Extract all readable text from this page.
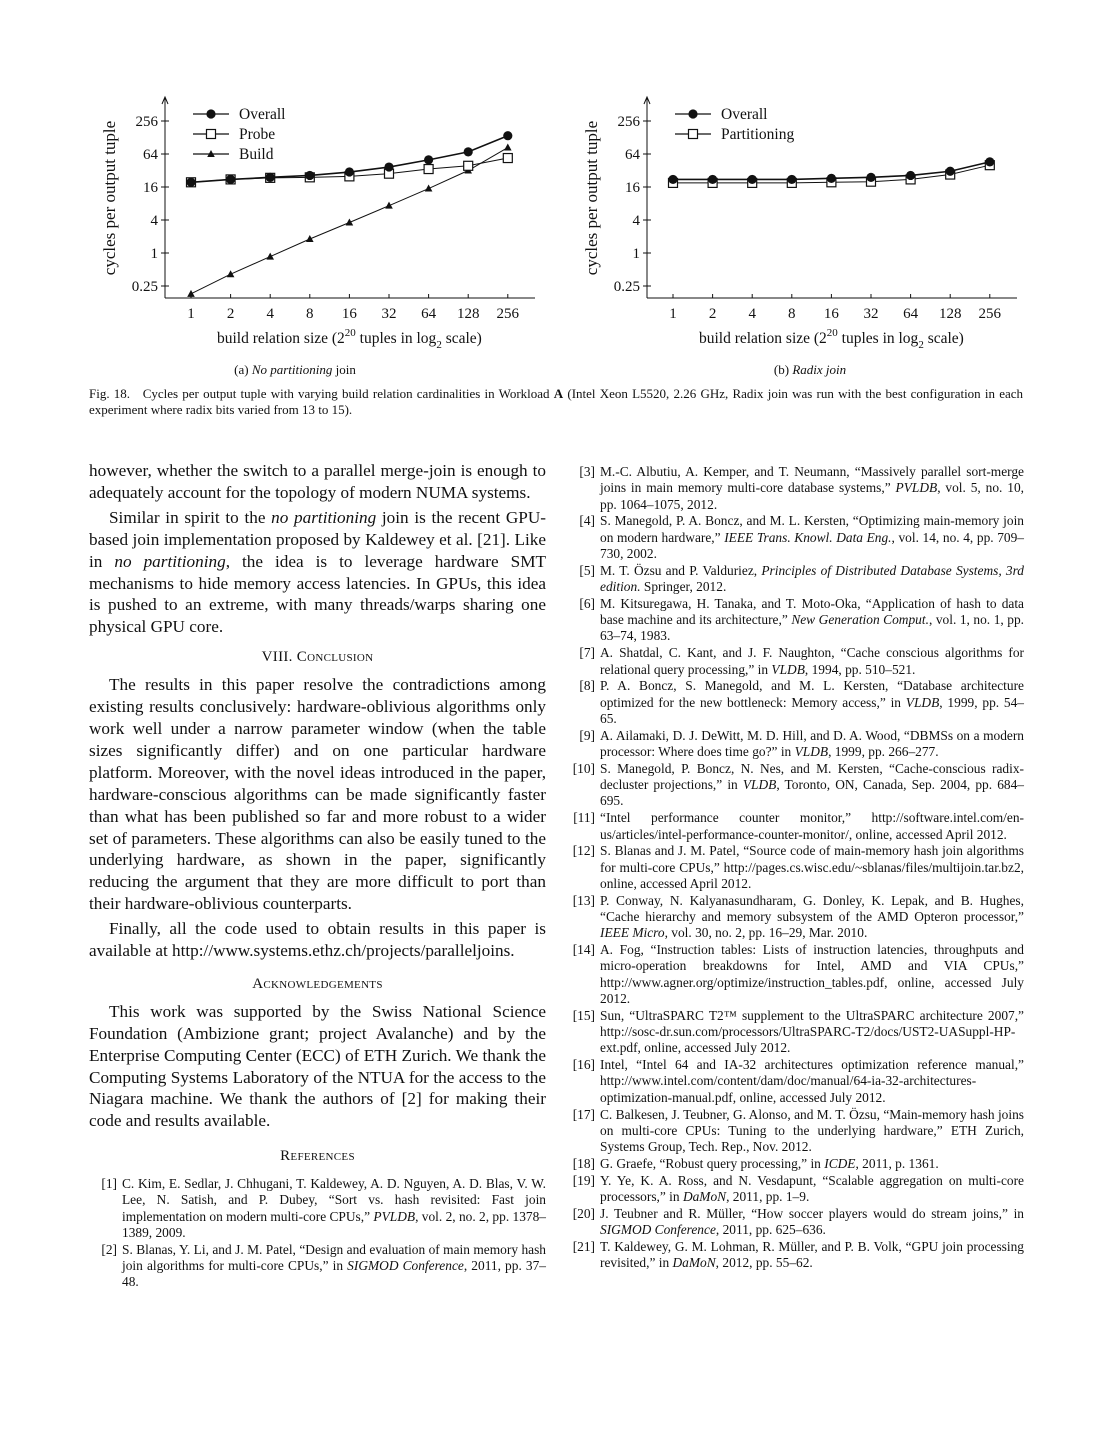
0.25
1
4
16
64
256
1 2 4 8 16 32 64 128 256
cycles per output tuple
build relation size ($2^{20}$ tuples in $\log_2$ scale)
Overall
Probe
Build
(a) No partitioning join
0.25
1
4
16
64
256
1 2 4 8 16 32 64 128 256
cycles per output tuple
build relation size ($2^{20}$ tuples in $\log_2$ scale)
Overall
Partitioning
(b) Radix join
Fig. 18. Cycles per output tuple with varying build relation cardinalities in Workload A (Intel Xeon L5520, 2.26 GHz, Radix join was run with the best configuration in each experiment where radix bits varied from 13 to 15).

however, whether the switch to a parallel merge-join is enough to adequately account for the topology of modern NUMA systems.

Similar in spirit to the no partitioning join is the recent GPU-based join implementation proposed by Kaldewey et al. [21]. Like in no partitioning, the idea is to leverage hardware SMT mechanisms to hide memory access latencies. In GPUs, this idea is pushed to an extreme, with many threads/warps sharing one physical GPU core.

VIII. Conclusion

The results in this paper resolve the contradictions among existing results conclusively: hardware-oblivious algorithms only work well under a narrow parameter window (when the table sizes significantly differ) and on one particular hardware platform. Moreover, with the novel ideas introduced in the paper, hardware-conscious algorithms can be made significantly faster than what has been published so far and more robust to a wider set of parameters. These algorithms can also be easily tuned to the underlying hardware, as shown in the paper, significantly reducing the argument that they are more difficult to port than their hardware-oblivious counterparts.

Finally, all the code used to obtain results in this paper is available at http://www.systems.ethz.ch/projects/paralleljoins.

Acknowledgements

This work was supported by the Swiss National Science Foundation (Ambizione grant; project Avalanche) and by the Enterprise Computing Center (ECC) of ETH Zurich. We thank the Computing Systems Laboratory of the NTUA for the access to the Niagara machine. We thank the authors of [2] for making their code and results available.

References
[1] C. Kim, E. Sedlar, J. Chhugani, T. Kaldewey, A. D. Nguyen, A. D. Blas, V. W. Lee, N. Satish, and P. Dubey, “Sort vs. hash revisited: Fast join implementation on modern multi-core CPUs,” PVLDB, vol. 2, no. 2, pp. 1378–1389, 2009.
[2] S. Blanas, Y. Li, and J. M. Patel, “Design and evaluation of main memory hash join algorithms for multi-core CPUs,” in SIGMOD Conference, 2011, pp. 37–48.
[3] M.-C. Albutiu, A. Kemper, and T. Neumann, “Massively parallel sort-merge joins in main memory multi-core database systems,” PVLDB, vol. 5, no. 10, pp. 1064–1075, 2012.
[4] S. Manegold, P. A. Boncz, and M. L. Kersten, “Optimizing main-memory join on modern hardware,” IEEE Trans. Knowl. Data Eng., vol. 14, no. 4, pp. 709–730, 2002.
[5] M. T. Özsu and P. Valduriez, Principles of Distributed Database Systems, 3rd edition. Springer, 2012.
[6] M. Kitsuregawa, H. Tanaka, and T. Moto-Oka, “Application of hash to data base machine and its architecture,” New Generation Comput., vol. 1, no. 1, pp. 63–74, 1983.
[7] A. Shatdal, C. Kant, and J. F. Naughton, “Cache conscious algorithms for relational query processing,” in VLDB, 1994, pp. 510–521.
[8] P. A. Boncz, S. Manegold, and M. L. Kersten, “Database architecture optimized for the new bottleneck: Memory access,” in VLDB, 1999, pp. 54–65.
[9] A. Ailamaki, D. J. DeWitt, M. D. Hill, and D. A. Wood, “DBMSs on a modern processor: Where does time go?” in VLDB, 1999, pp. 266–277.
[10] S. Manegold, P. Boncz, N. Nes, and M. Kersten, “Cache-conscious radix-decluster projections,” in VLDB, Toronto, ON, Canada, Sep. 2004, pp. 684–695.
[11] “Intel performance counter monitor,” http://software.intel.com/en-us/articles/intel-performance-counter-monitor/, online, accessed April 2012.
[12] S. Blanas and J. M. Patel, “Source code of main-memory hash join algorithms for multi-core CPUs,” http://pages.cs.wisc.edu/~sblanas/files/multijoin.tar.bz2, online, accessed April 2012.
[13] P. Conway, N. Kalyanasundharam, G. Donley, K. Lepak, and B. Hughes, “Cache hierarchy and memory subsystem of the AMD Opteron processor,” IEEE Micro, vol. 30, no. 2, pp. 16–29, Mar. 2010.
[14] A. Fog, “Instruction tables: Lists of instruction latencies, throughputs and micro-operation breakdowns for Intel, AMD and VIA CPUs,” http://www.agner.org/optimize/instruction_tables.pdf, online, accessed July 2012.
[15] Sun, “UltraSPARC T2™ supplement to the UltraSPARC architecture 2007,” http://sosc-dr.sun.com/processors/UltraSPARC-T2/docs/UST2-UASuppl-HP-ext.pdf, online, accessed July 2012.
[16] Intel, “Intel 64 and IA-32 architectures optimization reference manual,” http://www.intel.com/content/dam/doc/manual/64-ia-32-architectures-optimization-manual.pdf, online, accessed July 2012.
[17] C. Balkesen, J. Teubner, G. Alonso, and M. T. Özsu, “Main-memory hash joins on multi-core CPUs: Tuning to the underlying hardware,” ETH Zurich, Systems Group, Tech. Rep., Nov. 2012.
[18] G. Graefe, “Robust query processing,” in ICDE, 2011, p. 1361.
[19] Y. Ye, K. A. Ross, and N. Vesdapunt, “Scalable aggregation on multi-core processors,” in DaMoN, 2011, pp. 1–9.
[20] J. Teubner and R. Müller, “How soccer players would do stream joins,” in SIGMOD Conference, 2011, pp. 625–636.
[21] T. Kaldewey, G. M. Lohman, R. Müller, and P. B. Volk, “GPU join processing revisited,” in DaMoN, 2012, pp. 55–62.
